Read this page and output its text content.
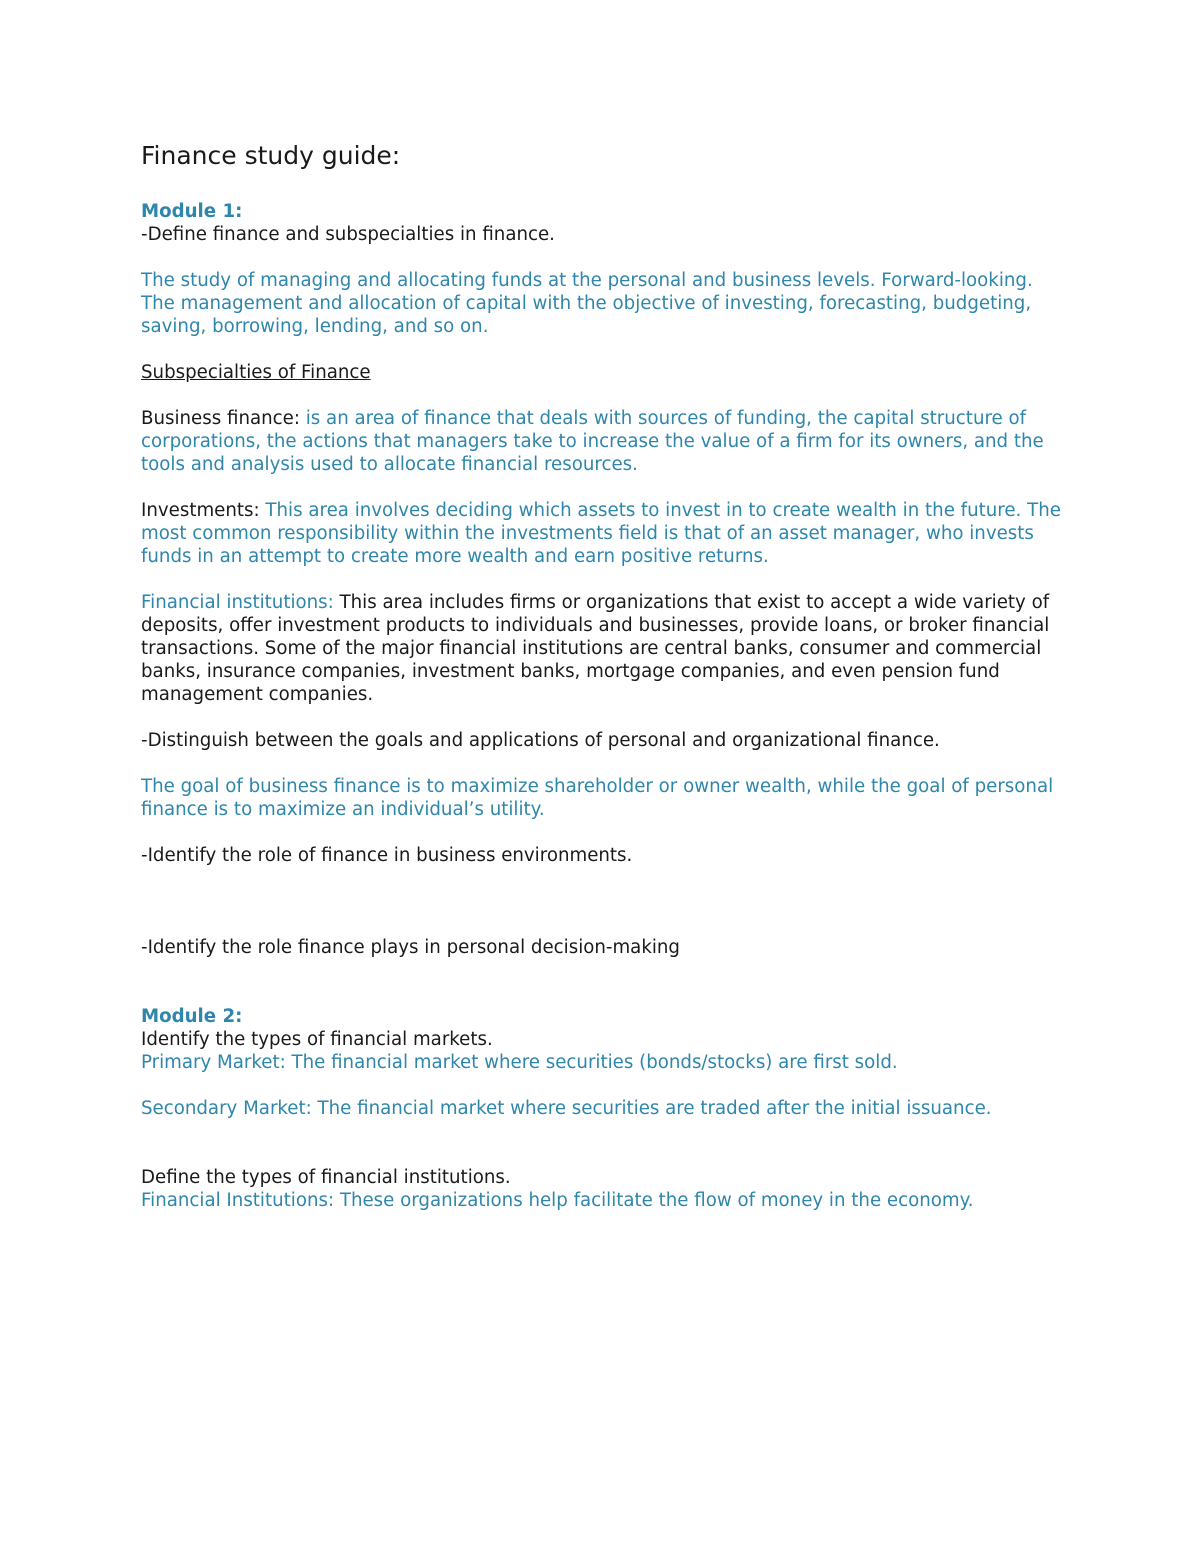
Finance study guide:

Module 1:

-Define finance and subspecialties in finance.

The study of managing and allocating funds at the personal and business levels. Forward-looking. The management and allocation of capital with the objective of investing, forecasting, budgeting, saving, borrowing, lending, and so on.

Subspecialties of Finance

Business finance: is an area of finance that deals with sources of funding, the capital structure of corporations, the actions that managers take to increase the value of a firm for its owners, and the tools and analysis used to allocate financial resources.

Investments: This area involves deciding which assets to invest in to create wealth in the future. The most common responsibility within the investments field is that of an asset manager, who invests funds in an attempt to create more wealth and earn positive returns.

Financial institutions: This area includes firms or organizations that exist to accept a wide variety of deposits, offer investment products to individuals and businesses, provide loans, or broker financial transactions. Some of the major financial institutions are central banks, consumer and commercial banks, insurance companies, investment banks, mortgage companies, and even pension fund management companies.

-Distinguish between the goals and applications of personal and organizational finance.

The goal of business finance is to maximize shareholder or owner wealth, while the goal of personal finance is to maximize an individual’s utility.

-Identify the role of finance in business environments.

-Identify the role finance plays in personal decision-making

Module 2:

Identify the types of financial markets.

Primary Market: The financial market where securities (bonds/stocks) are first sold.

Secondary Market: The financial market where securities are traded after the initial issuance.

Define the types of financial institutions.

Financial Institutions: These organizations help facilitate the flow of money in the economy.
